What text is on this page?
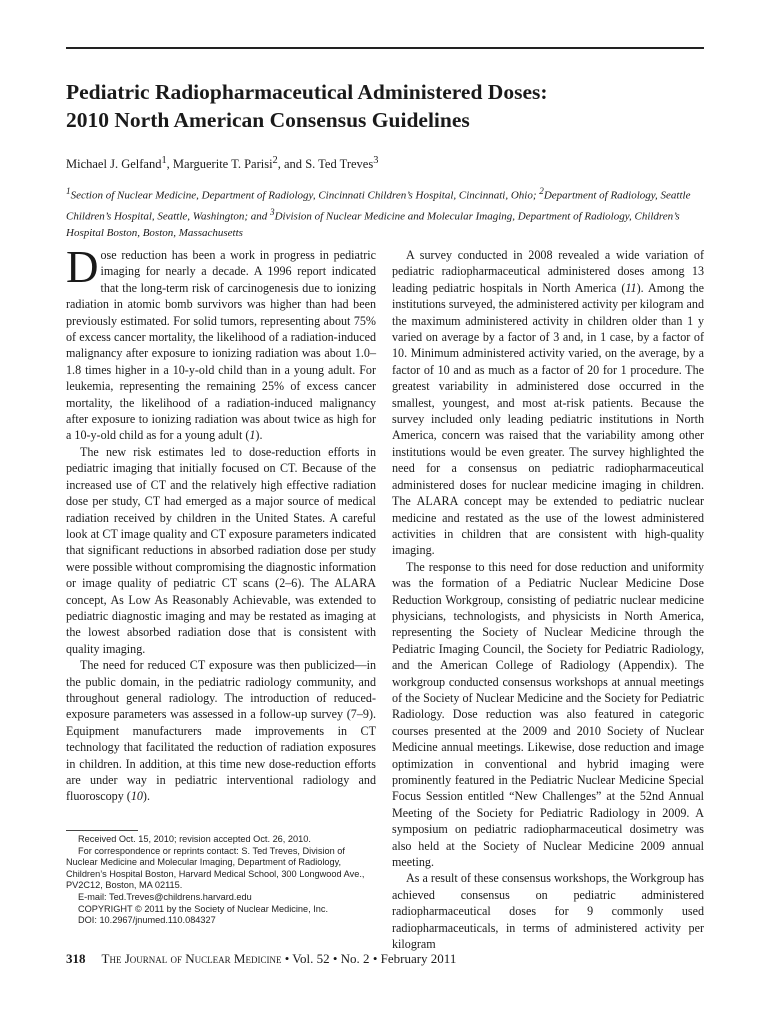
Pediatric Radiopharmaceutical Administered Doses:
2010 North American Consensus Guidelines
Michael J. Gelfand$^1$, Marguerite T. Parisi$^2$, and S. Ted Treves$^3$
$^1$Section of Nuclear Medicine, Department of Radiology, Cincinnati Children’s Hospital, Cincinnati, Ohio; $^2$Department of Radiology, Seattle Children’s Hospital, Seattle, Washington; and $^3$Division of Nuclear Medicine and Molecular Imaging, Department of Radiology, Children’s Hospital Boston, Boston, Massachusetts

Dose reduction has been a work in progress in pediatric imaging for nearly a decade. A 1996 report indicated that the long-term risk of carcinogenesis due to ionizing radiation in atomic bomb survivors was higher than had been previously estimated. For solid tumors, representing about 75% of excess cancer mortality, the likelihood of a radiation-induced malignancy after exposure to ionizing radiation was about 1.0–1.8 times higher in a 10-y-old child than in a young adult. For leukemia, representing the remaining 25% of excess cancer mortality, the likelihood of a radiation-induced malignancy after exposure to ionizing radiation was about twice as high for a 10-y-old child as for a young adult (1).

The new risk estimates led to dose-reduction efforts in pediatric imaging that initially focused on CT. Because of the increased use of CT and the relatively high effective radiation dose per study, CT had emerged as a major source of medical radiation received by children in the United States. A careful look at CT image quality and CT exposure parameters indicated that significant reductions in absorbed radiation dose per study were possible without compromising the diagnostic information or image quality of pediatric CT scans (2–6). The ALARA concept, As Low As Reasonably Achievable, was extended to pediatric diagnostic imaging and may be restated as imaging at the lowest absorbed radiation dose that is consistent with quality imaging.

The need for reduced CT exposure was then publicized—in the public domain, in the pediatric radiology community, and throughout general radiology. The introduction of reduced-exposure parameters was assessed in a follow-up survey (7–9). Equipment manufacturers made improvements in CT technology that facilitated the reduction of radiation exposures in children. In addition, at this time new dose-reduction efforts are under way in pediatric interventional radiology and fluoroscopy (10).

A survey conducted in 2008 revealed a wide variation of pediatric radiopharmaceutical administered doses among 13 leading pediatric hospitals in North America (11). Among the institutions surveyed, the administered activity per kilogram and the maximum administered activity in children older than 1 y varied on average by a factor of 3 and, in 1 case, by a factor of 10. Minimum administered activity varied, on the average, by a factor of 10 and as much as a factor of 20 for 1 procedure. The greatest variability in administered dose occurred in the smallest, youngest, and most at-risk patients. Because the survey included only leading pediatric institutions in North America, concern was raised that the variability among other institutions would be even greater. The survey highlighted the need for a consensus on pediatric radiopharmaceutical administered doses for nuclear medicine imaging in children. The ALARA concept may be extended to pediatric nuclear medicine and restated as the use of the lowest administered activities in children that are consistent with high-quality imaging.

The response to this need for dose reduction and uniformity was the formation of a Pediatric Nuclear Medicine Dose Reduction Workgroup, consisting of pediatric nuclear medicine physicians, technologists, and physicists in North America, representing the Society of Nuclear Medicine through the Pediatric Imaging Council, the Society for Pediatric Radiology, and the American College of Radiology (Appendix). The workgroup conducted consensus workshops at annual meetings of the Society of Nuclear Medicine and the Society for Pediatric Radiology. Dose reduction was also featured in categoric courses presented at the 2009 and 2010 Society of Nuclear Medicine annual meetings. Likewise, dose reduction and image optimization in conventional and hybrid imaging were prominently featured in the Pediatric Nuclear Medicine Special Focus Session entitled “New Challenges” at the 52nd Annual Meeting of the Society for Pediatric Radiology in 2009. A symposium on pediatric radiopharmaceutical dosimetry was also held at the Society of Nuclear Medicine 2009 annual meeting.

As a result of these consensus workshops, the Workgroup has achieved consensus on pediatric administered radiopharmaceutical doses for 9 commonly used radiopharmaceuticals, in terms of administered activity per kilogram

Received Oct. 15, 2010; revision accepted Oct. 26, 2010.
For correspondence or reprints contact: S. Ted Treves, Division of Nuclear Medicine and Molecular Imaging, Department of Radiology, Children’s Hospital Boston, Harvard Medical School, 300 Longwood Ave., PV2C12, Boston, MA 02115.
E-mail: Ted.Treves@childrens.harvard.edu
COPYRIGHT © 2011 by the Society of Nuclear Medicine, Inc.
DOI: 10.2967/jnumed.110.084327
318 The Journal of Nuclear Medicine • Vol. 52 • No. 2 • February 2011
